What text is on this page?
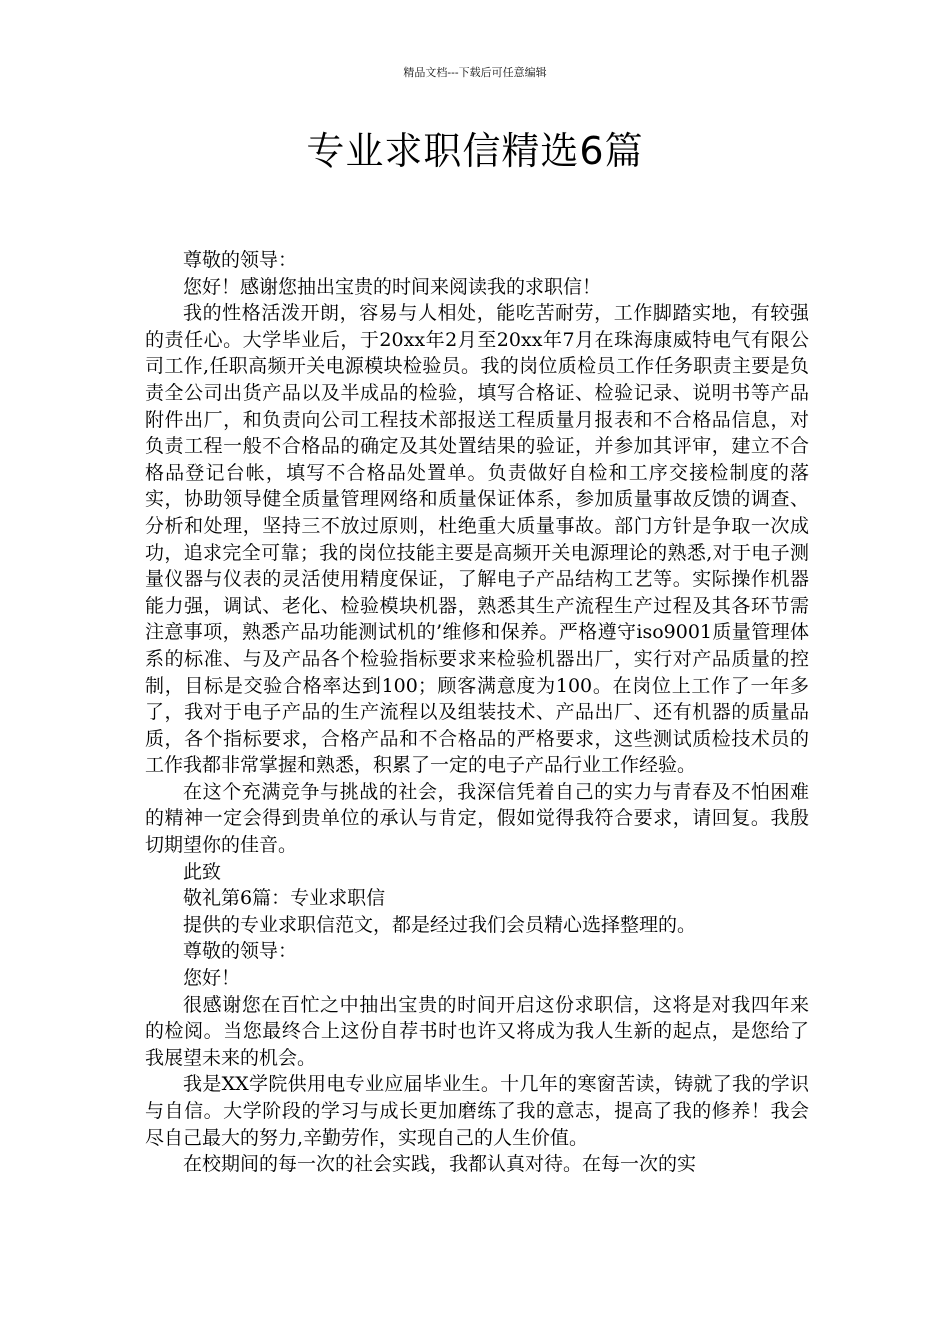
精品文档---下载后可任意编辑
专业求职信精选6篇

尊敬的领导：

您好！感谢您抽出宝贵的时间来阅读我的求职信！

我的性格活泼开朗，容易与人相处，能吃苦耐劳，工作脚踏实地，有较强的责任心。大学毕业后，于20xx年2月至20xx年7月在珠海康威特电气有限公司工作,任职高频开关电源模块检验员。我的岗位质检员工作任务职责主要是负责全公司出货产品以及半成品的检验，填写合格证、检验记录、说明书等产品附件出厂，和负责向公司工程技术部报送工程质量月报表和不合格品信息，对负责工程一般不合格品的确定及其处置结果的验证，并参加其评审，建立不合格品登记台帐，填写不合格品处置单。负责做好自检和工序交接检制度的落实，协助领导健全质量管理网络和质量保证体系，参加质量事故反馈的调查、分析和处理，坚持三不放过原则，杜绝重大质量事故。部门方针是争取一次成功，追求完全可靠；我的岗位技能主要是高频开关电源理论的熟悉,对于电子测量仪器与仪表的灵活使用精度保证，了解电子产品结构工艺等。实际操作机器能力强，调试、老化、检验模块机器，熟悉其生产流程生产过程及其各环节需注意事项，熟悉产品功能测试机的’维修和保养。严格遵守iso9001质量管理体系的标准、与及产品各个检验指标要求来检验机器出厂，实行对产品质量的控制，目标是交验合格率达到100；顾客满意度为100。在岗位上工作了一年多了，我对于电子产品的生产流程以及组装技术、产品出厂、还有机器的质量品质，各个指标要求，合格产品和不合格品的严格要求，这些测试质检技术员的工作我都非常掌握和熟悉，积累了一定的电子产品行业工作经验。

在这个充满竞争与挑战的社会，我深信凭着自己的实力与青春及不怕困难的精神一定会得到贵单位的承认与肯定，假如觉得我符合要求，请回复。我殷切期望你的佳音。

此致

敬礼第6篇：专业求职信

提供的专业求职信范文，都是经过我们会员精心选择整理的。

尊敬的领导：

您好！

很感谢您在百忙之中抽出宝贵的时间开启这份求职信，这将是对我四年来的检阅。当您最终合上这份自荐书时也许又将成为我人生新的起点，是您给了我展望未来的机会。

我是XX学院供用电专业应届毕业生。十几年的寒窗苦读，铸就了我的学识与自信。大学阶段的学习与成长更加磨练了我的意志，提高了我的修养！我会尽自己最大的努力,辛勤劳作，实现自己的人生价值。

在校期间的每一次的社会实践，我都认真对待。在每一次的实
